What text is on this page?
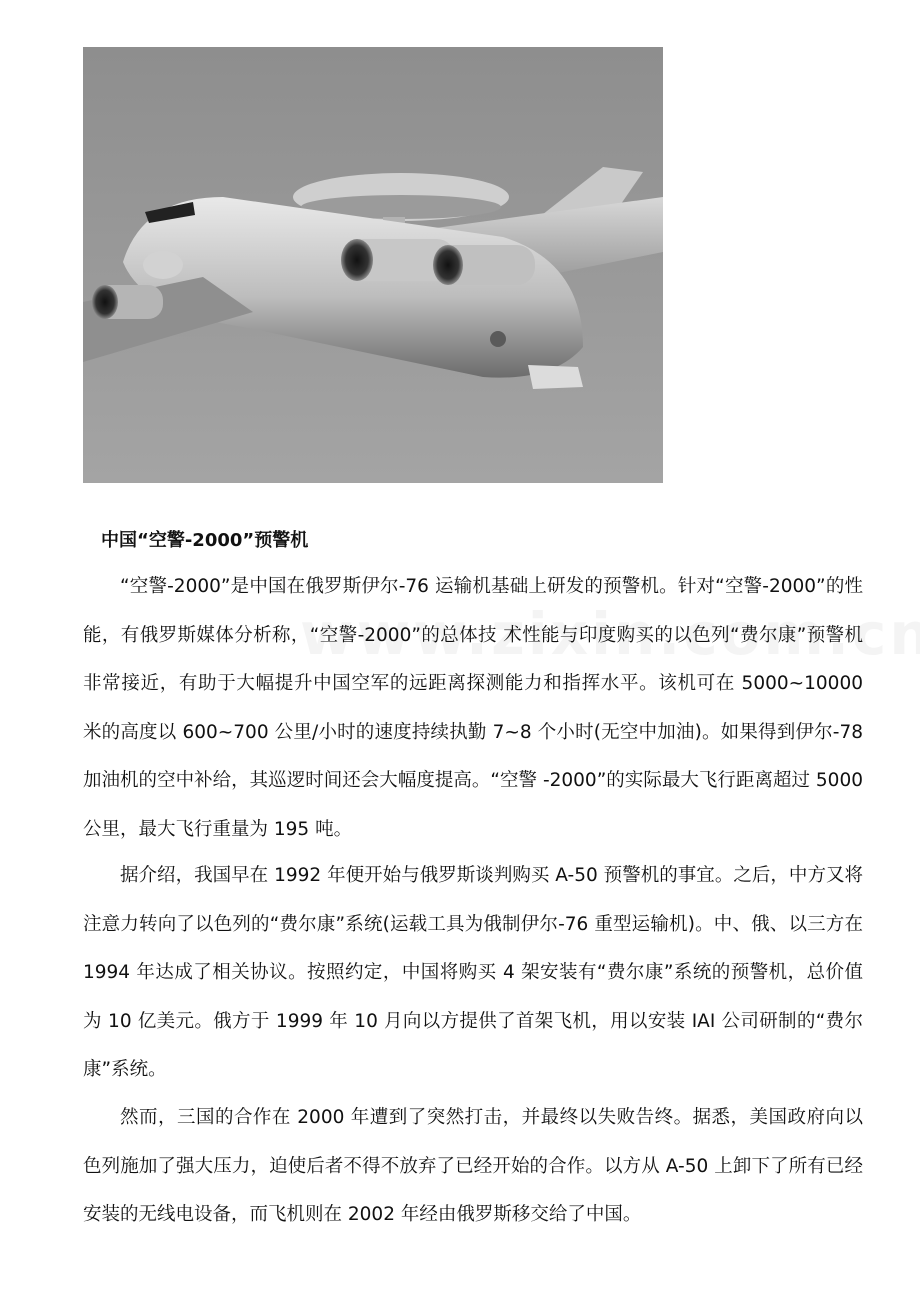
中国“空警-2000”预警机

“空警-2000”是中国在俄罗斯伊尔-76 运输机基础上研发的预警机。针对“空警-2000”的性能，有俄罗斯媒体分析称，“空警-2000”的总体技 术性能与印度购买的以色列“费尔康”预警机非常接近，有助于大幅提升中国空军的远距离探测能力和指挥水平。该机可在 5000~10000 米的高度以 600~700 公里/小时的速度持续执勤 7~8 个小时(无空中加油)。如果得到伊尔-78 加油机的空中补给，其巡逻时间还会大幅度提高。“空警 -2000”的实际最大飞行距离超过 5000 公里，最大飞行重量为 195 吨。

据介绍，我国早在 1992 年便开始与俄罗斯谈判购买 A-50 预警机的事宜。之后，中方又将注意力转向了以色列的“费尔康”系统(运载工具为俄制伊尔-76 重型运输机)。中、俄、以三方在 1994 年达成了相关协议。按照约定，中国将购买 4 架安装有“费尔康”系统的预警机，总价值为 10 亿美元。俄方于 1999 年 10 月向以方提供了首架飞机，用以安装 IAI 公司研制的“费尔康”系统。

然而，三国的合作在 2000 年遭到了突然打击，并最终以失败告终。据悉，美国政府向以色列施加了强大压力，迫使后者不得不放弃了已经开始的合作。以方从 A-50 上卸下了所有已经安装的无线电设备，而飞机则在 2002 年经由俄罗斯移交给了中国。
